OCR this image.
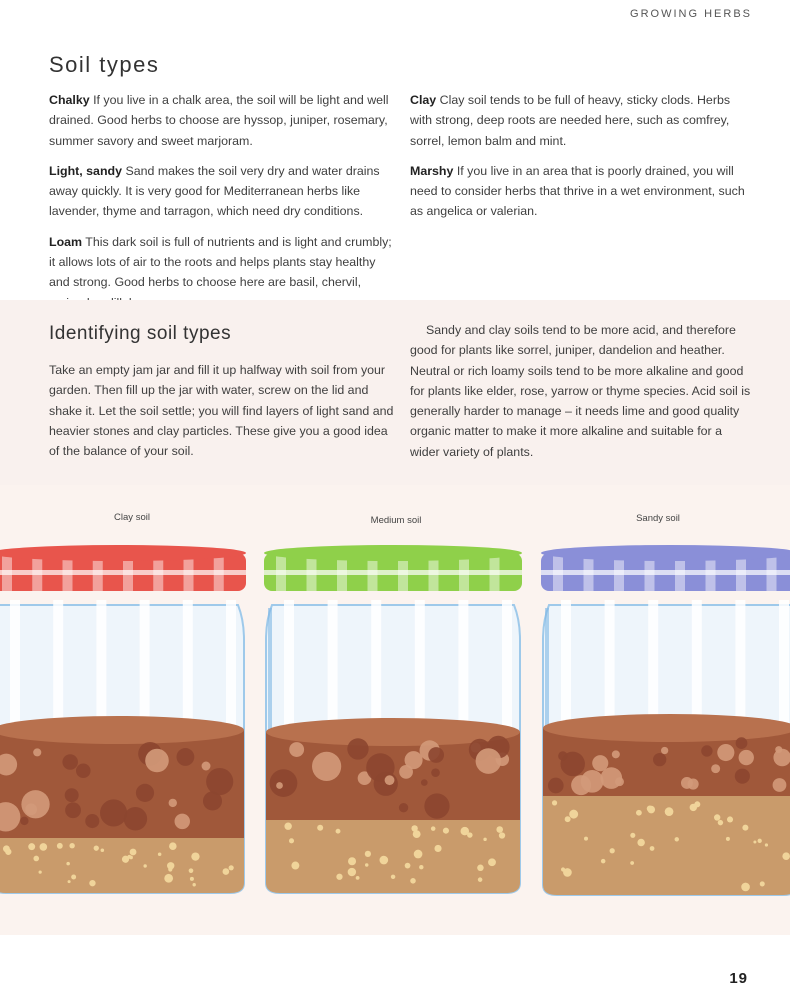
GROWING HERBS
Soil types

Chalky If you live in a chalk area, the soil will be light and well drained. Good herbs to choose are hyssop, juniper, rosemary, summer savory and sweet marjoram.

Light, sandy Sand makes the soil very dry and water drains away quickly. It is very good for Mediterranean herbs like lavender, thyme and tarragon, which need dry conditions.

Loam This dark soil is full of nutrients and is light and crumbly; it allows lots of air to the roots and helps plants stay healthy and strong. Good herbs to choose here are basil, chervil,

Clay Clay soil tends to be full of heavy, sticky clods. Herbs with strong, deep roots are needed here, such as comfrey, sorrel, lemon balm and mint.

Marshy If you live in an area that is poorly drained, you will need to consider herbs that thrive in a wet environment, such as angelica or valerian.

Identifying soil types

Take an empty jam jar and fill it up halfway with soil from your garden. Then fill up the jar with water, screw on the lid and shake it. Let the soil settle; you will find layers of light sand and heavier stones and clay particles. These give you a good idea of the balance of your soil.

Sandy and clay soils tend to be more acid, and therefore good for plants like sorrel, juniper, dandelion and heather. Neutral or rich loamy soils tend to be more alkaline and good for plants like elder, rose, yarrow or thyme species. Acid soil is generally harder to manage – it needs lime and good quality organic matter to make it more alkaline and suitable for a wider variety of plants.

Clay soil	Medium soil	Sandy soil
19
